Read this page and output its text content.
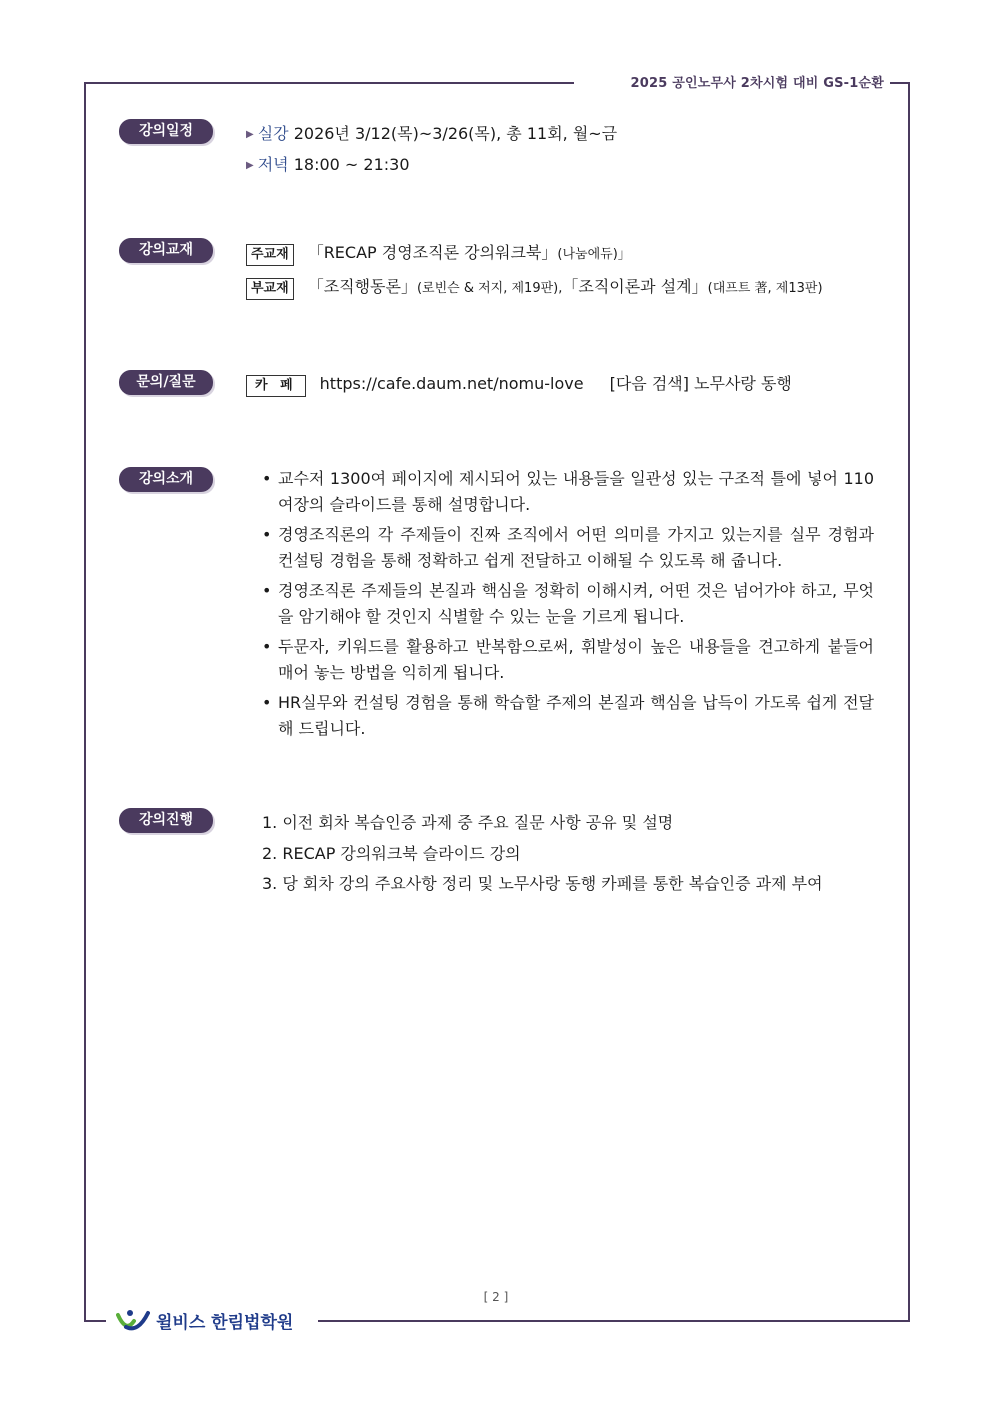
2025 공인노무사 2차시험 대비 GS-1순환
강의일정	▶ 실강 2026년 3/12(목)~3/26(목), 총 11회, 월~금
▶ 저녁 18:00 ~ 21:30
강의교재	주교재 「RECAP 경영조직론 강의워크북」(나눔에듀)」
부교재 「조직행동론」(로빈슨 & 저지, 제19판),「조직이론과 설계」(대프트 著, 제13판)
문의/질문	카 페 https://cafe.daum.net/nomu-love [다음 검색] 노무사랑 동행
강의소개	• 교수저 1300여 페이지에 제시되어 있는 내용들을 일관성 있는 구조적 틀에 넣어 110여장의 슬라이드를 통해 설명합니다.
• 경영조직론의 각 주제들이 진짜 조직에서 어떤 의미를 가지고 있는지를 실무 경험과 컨설팅 경험을 통해 정확하고 쉽게 전달하고 이해될 수 있도록 해 줍니다.
• 경영조직론 주제들의 본질과 핵심을 정확히 이해시켜, 어떤 것은 넘어가야 하고, 무엇을 암기해야 할 것인지 식별할 수 있는 눈을 기르게 됩니다.
• 두문자, 키워드를 활용하고 반복함으로써, 휘발성이 높은 내용들을 견고하게 붙들어 매어 놓는 방법을 익히게 됩니다.
• HR실무와 컨설팅 경험을 통해 학습할 주제의 본질과 핵심을 납득이 가도록 쉽게 전달해 드립니다.
강의진행	1. 이전 회차 복습인증 과제 중 주요 질문 사항 공유 및 설명
2. RECAP 강의워크북 슬라이드 강의
3. 당 회차 강의 주요사항 정리 및 노무사랑 동행 카페를 통한 복습인증 과제 부여
[ 2 ]
윌비스 한림법학원
